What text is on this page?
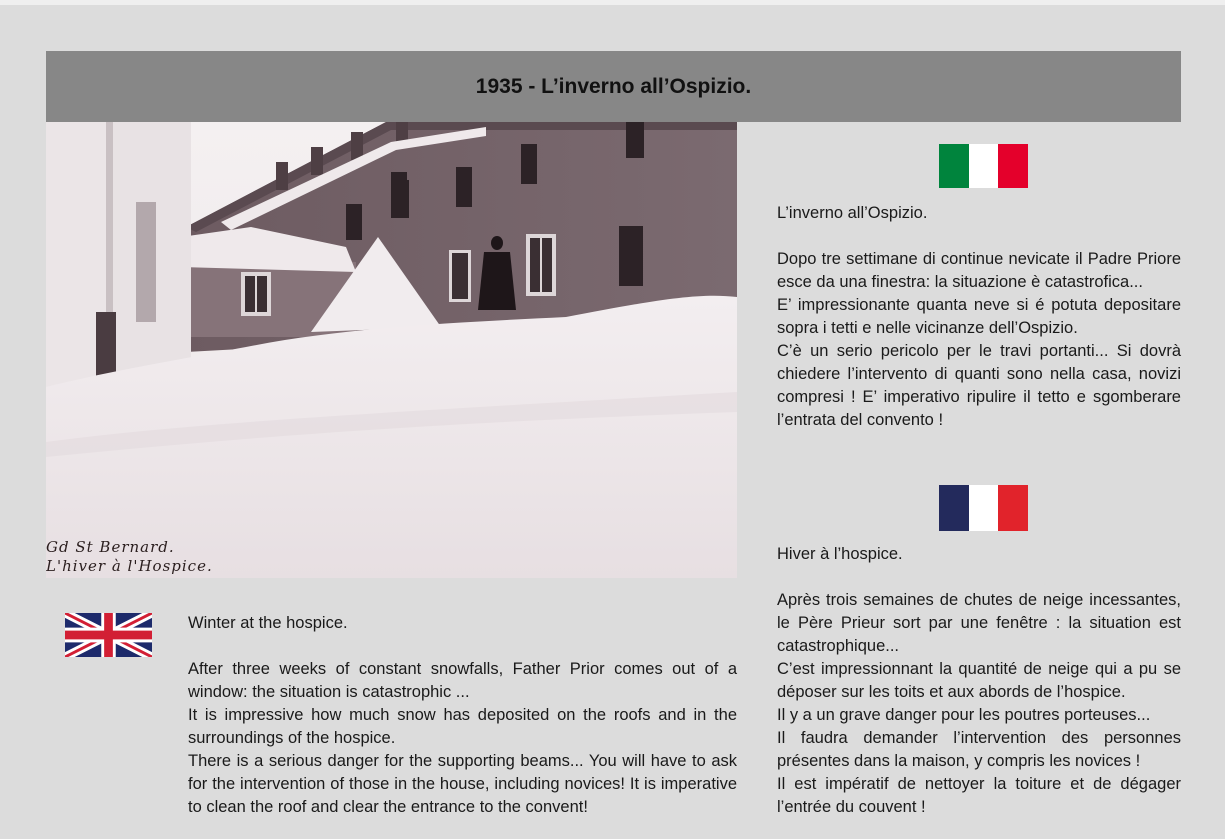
1935 - L’inverno all’Ospizio.
Gd St Bernard.
L'hiver à l'Hospice.

L’inverno all’Ospizio.

Dopo tre settimane di continue nevicate il Padre Priore esce da una finestra: la situazione è catastrofica...
E’ impressionante quanta neve si é potuta depositare sopra i tetti e nelle vicinanze dell’Ospizio.
C’è un serio pericolo per le travi portanti... Si dovrà chiedere l’intervento di quanti sono nella casa, novizi compresi ! E’ imperativo ripulire il tetto e sgomberare l’entrata del convento !

Hiver à l’hospice.

Après trois semaines de chutes de neige incessantes, le Père Prieur sort par une fenêtre : la situation est catastrophique...
C’est impressionnant la quantité de neige qui a pu se déposer sur les toits et aux abords de l’hospice.
Il y a un grave danger pour les poutres porteuses...
Il faudra demander l’intervention des personnes présentes dans la maison, y compris les novices !
Il est impératif de nettoyer la toiture et de dégager l’entrée du couvent !

Winter at the hospice.

After three weeks of constant snowfalls, Father Prior comes out of a window: the situation is catastrophic ...
It is impressive how much snow has deposited on the roofs and in the surroundings of the hospice.
There is a serious danger for the supporting beams... You will have to ask for the intervention of those in the house, including novices! It is imperative to clean the roof and clear the entrance to the convent!
